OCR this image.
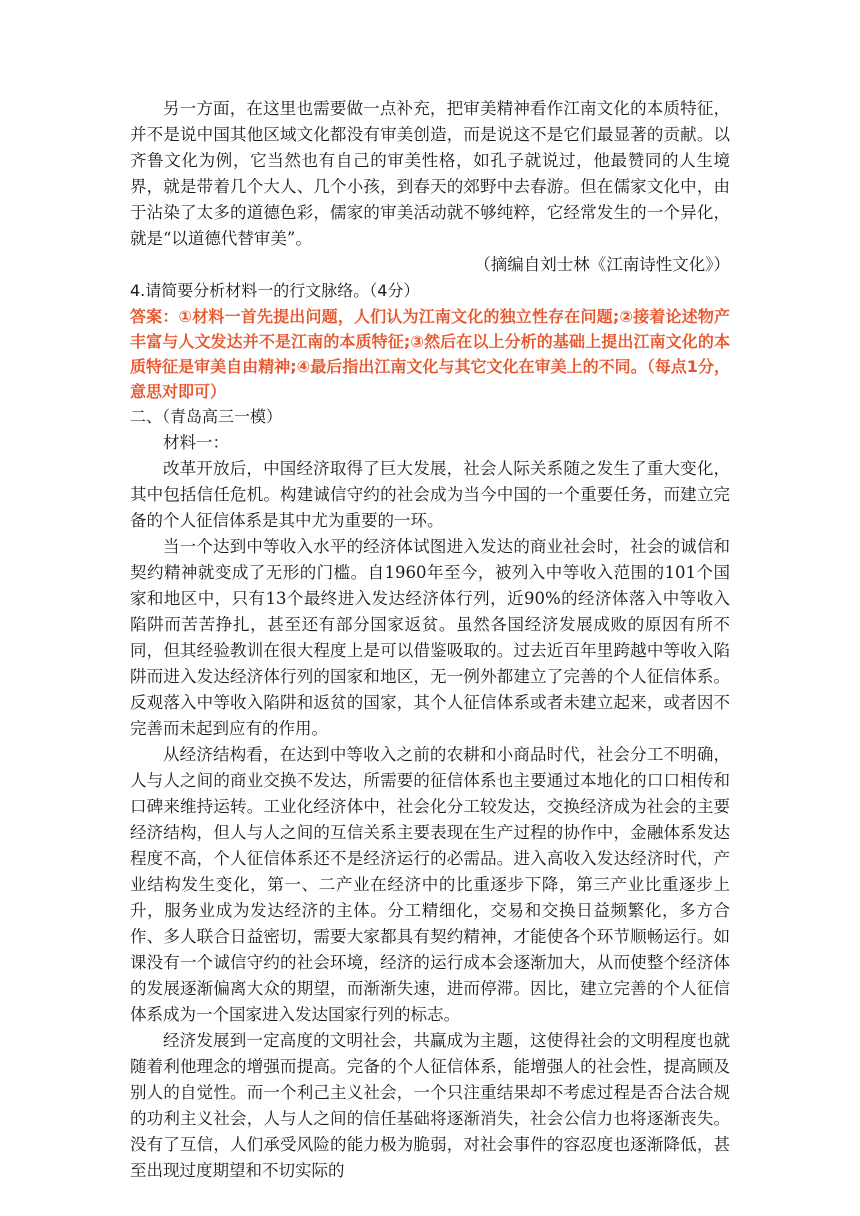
另一方面，在这里也需要做一点补充，把审美精神看作江南文化的本质特征，并不是说中国其他区域文化都没有审美创造，而是说这不是它们最显著的贡献。以齐鲁文化为例，它当然也有自己的审美性格，如孔子就说过，他最赞同的人生境界，就是带着几个大人、几个小孩，到春天的郊野中去春游。但在儒家文化中，由于沾染了太多的道德色彩，儒家的审美活动就不够纯粹，它经常发生的一个异化，就是“以道德代替审美”。

（摘编自刘士林《江南诗性文化》）

4.请简要分析材料一的行文脉络。（4分）

答案：①材料一首先提出问题，人们认为江南文化的独立性存在问题;②接着论述物产丰富与人文发达并不是江南的本质特征;③然后在以上分析的基础上提出江南文化的本质特征是审美自由精神;④最后指出江南文化与其它文化在审美上的不同。（每点1分，意思对即可）

二、（青岛高三一模）

材料一：

改革开放后，中国经济取得了巨大发展，社会人际关系随之发生了重大变化，其中包括信任危机。构建诚信守约的社会成为当今中国的一个重要任务，而建立完备的个人征信体系是其中尤为重要的一环。

当一个达到中等收入水平的经济体试图进入发达的商业社会时，社会的诚信和契约精神就变成了无形的门槛。自1960年至今，被列入中等收入范围的101个国家和地区中，只有13个最终进入发达经济体行列，近90%的经济体落入中等收入陷阱而苦苦挣扎，甚至还有部分国家返贫。虽然各国经济发展成败的原因有所不同，但其经验教训在很大程度上是可以借鉴吸取的。过去近百年里跨越中等收入陷阱而进入发达经济体行列的国家和地区，无一例外都建立了完善的个人征信体系。反观落入中等收入陷阱和返贫的国家，其个人征信体系或者未建立起来，或者因不完善而未起到应有的作用。

从经济结构看，在达到中等收入之前的农耕和小商品时代，社会分工不明确，人与人之间的商业交换不发达，所需要的征信体系也主要通过本地化的口口相传和口碑来维持运转。工业化经济体中，社会化分工较发达，交换经济成为社会的主要经济结构，但人与人之间的互信关系主要表现在生产过程的协作中，金融体系发达程度不高，个人征信体系还不是经济运行的必需品。进入高收入发达经济时代，产业结构发生变化，第一、二产业在经济中的比重逐步下降，第三产业比重逐步上升，服务业成为发达经济的主体。分工精细化，交易和交换日益频繁化，多方合作、多人联合日益密切，需要大家都具有契约精神，才能使各个环节顺畅运行。如课没有一个诚信守约的社会环境，经济的运行成本会逐渐加大，从而使整个经济体的发展逐渐偏离大众的期望，而渐渐失速，进而停滞。因比，建立完善的个人征信体系成为一个国家进入发达国家行列的标志。

经济发展到一定高度的文明社会，共赢成为主题，这使得社会的文明程度也就随着利他理念的增强而提高。完备的个人征信体系，能增强人的社会性，提高顾及别人的自觉性。而一个利己主义社会，一个只注重结果却不考虑过程是否合法合规的功利主义社会，人与人之间的信任基础将逐渐消失，社会公信力也将逐渐丧失。没有了互信，人们承受风险的能力极为脆弱，对社会事件的容忍度也逐渐降低，甚至出现过度期望和不切实际的
